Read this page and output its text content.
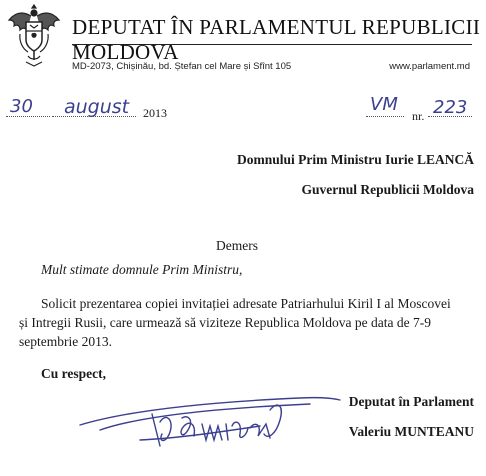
DEPUTAT ÎN PARLAMENTUL REPUBLICII MOLDOVA
MD-2073, Chișinău, bd. Ștefan cel Mare și Sfînt 105	www.parlament.md
30 august 2013	VM
nr. 223
Domnului Prim Ministru Iurie LEANCĂ
Guvernul Republicii Moldova
Demers
Mult stimate domnule Prim Ministru,
Solicit prezentarea copiei invitației adresate Patriarhului Kiril I al Moscovei
și Intregii Rusii, care urmează să viziteze Republica Moldova pe data de 7-9
septembrie 2013.
Cu respect,
Deputat în Parlament
Valeriu MUNTEANU
